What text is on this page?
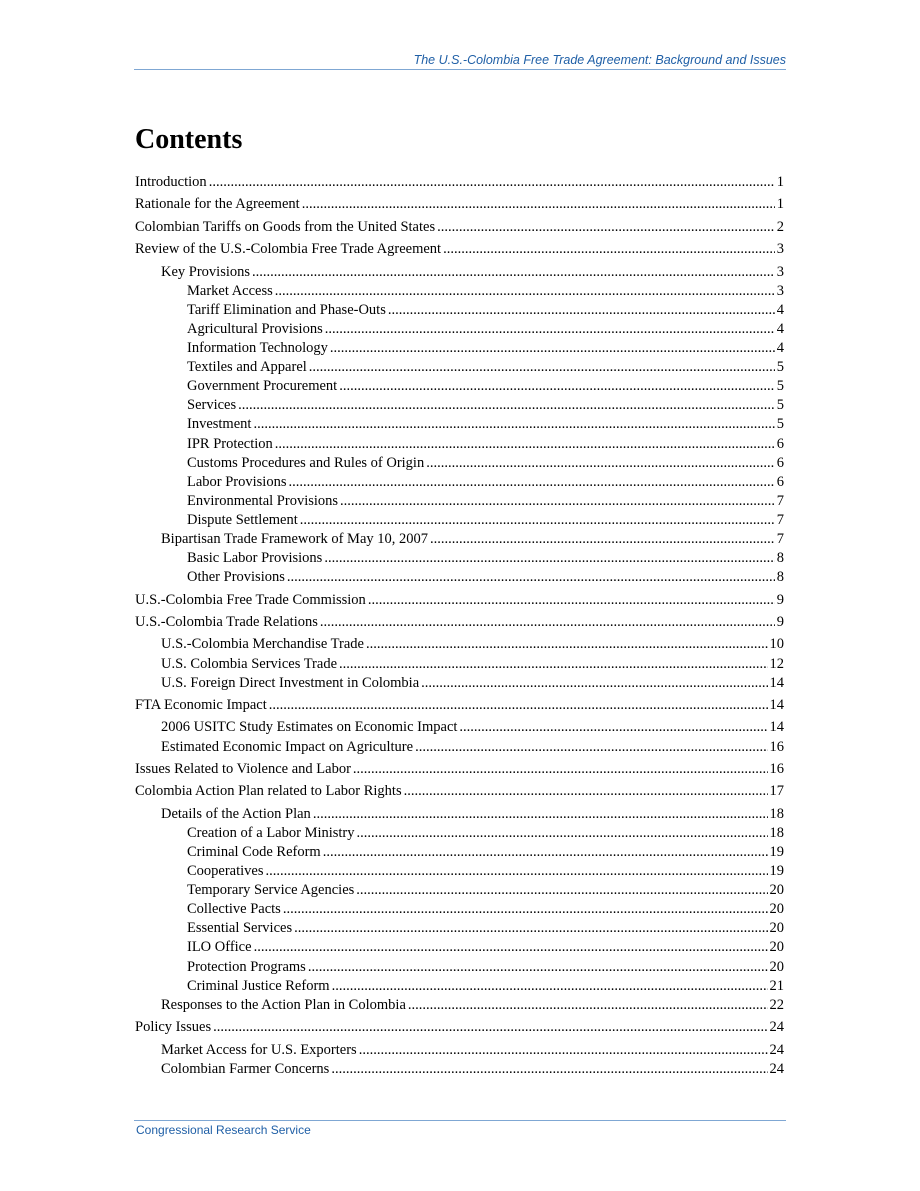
The U.S.-Colombia Free Trade Agreement: Background and Issues
Contents
Introduction .....	1
Rationale for the Agreement .....	1
Colombian Tariffs on Goods from the United States .....	2
Review of the U.S.-Colombia Free Trade Agreement .....	3
Key Provisions .....	3
Market Access .....	3
Tariff Elimination and Phase-Outs .....	4
Agricultural Provisions .....	4
Information Technology .....	4
Textiles and Apparel .....	5
Government Procurement .....	5
Services .....	5
Investment .....	5
IPR Protection .....	6
Customs Procedures and Rules of Origin .....	6
Labor Provisions .....	6
Environmental Provisions .....	7
Dispute Settlement .....	7
Bipartisan Trade Framework of May 10, 2007 .....	7
Basic Labor Provisions .....	8
Other Provisions .....	8
U.S.-Colombia Free Trade Commission .....	9
U.S.-Colombia Trade Relations .....	9
U.S.-Colombia Merchandise Trade .....	10
U.S. Colombia Services Trade .....	12
U.S. Foreign Direct Investment in Colombia .....	14
FTA Economic Impact .....	14
2006 USITC Study Estimates on Economic Impact .....	14
Estimated Economic Impact on Agriculture .....	16
Issues Related to Violence and Labor .....	16
Colombia Action Plan related to Labor Rights .....	17
Details of the Action Plan .....	18
Creation of a Labor Ministry .....	18
Criminal Code Reform .....	19
Cooperatives .....	19
Temporary Service Agencies .....	20
Collective Pacts .....	20
Essential Services .....	20
ILO Office .....	20
Protection Programs .....	20
Criminal Justice Reform .....	21
Responses to the Action Plan in Colombia .....	22
Policy Issues .....	24
Market Access for U.S. Exporters .....	24
Colombian Farmer Concerns .....	24
Congressional Research Service
